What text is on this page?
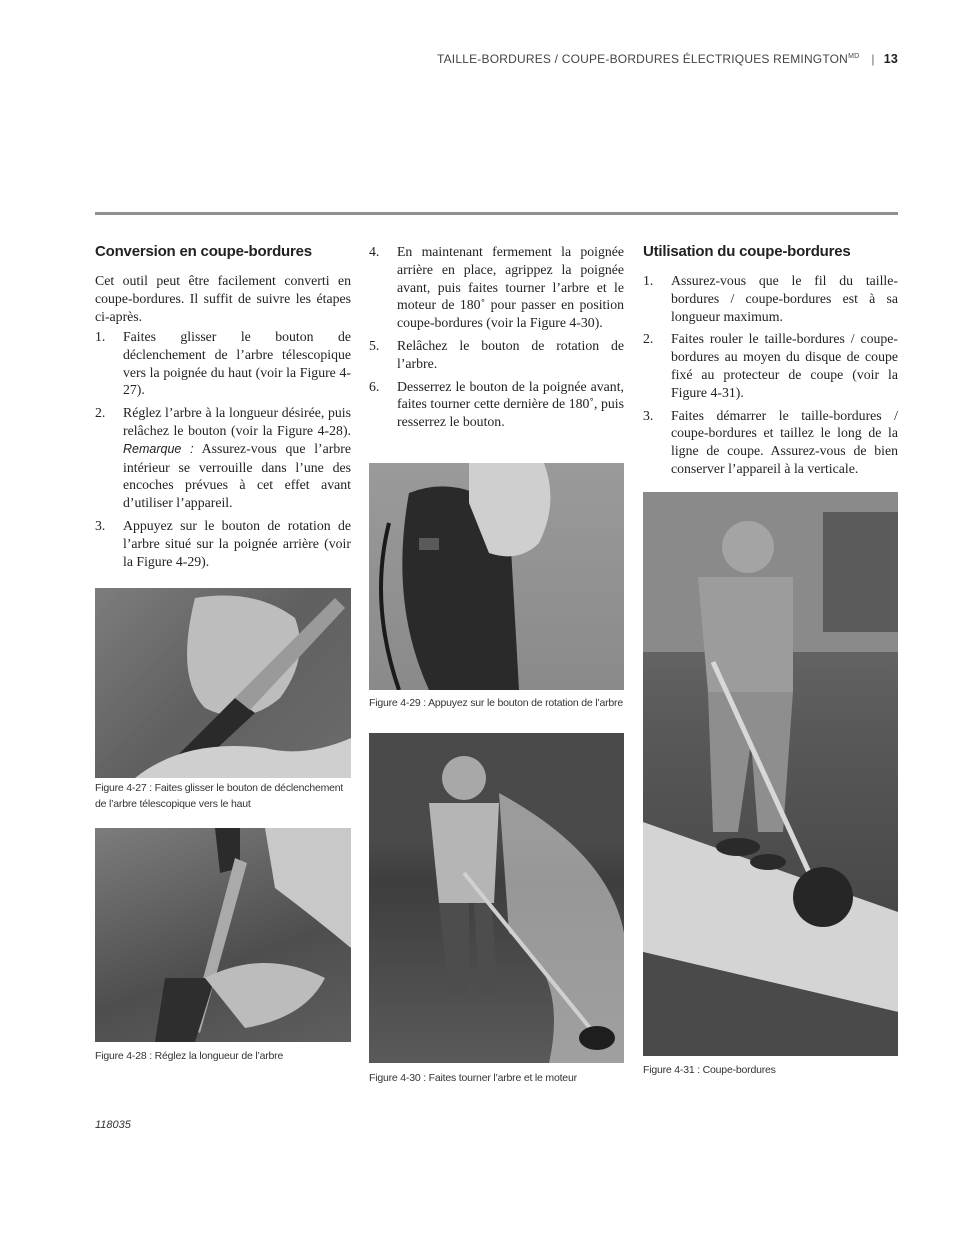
TAILLE-BORDURES / COUPE-BORDURES ÉLECTRIQUES $REMINGTON^{MD}$ | 13
Conversion en coupe-bordures

Cet outil peut être facilement converti en coupe-bordures. Il suffit de suivre les étapes ci-après.

1. Faites glisser le bouton de déclenchement de l’arbre télescopique vers la poignée du haut (voir la Figure 4-27).
2. Réglez l’arbre à la longueur désirée, puis relâchez le bouton (voir la Figure 4-28). Remarque : Assurez-vous que l’arbre intérieur se verrouille dans l’une des encoches prévues à cet effet avant d’utiliser l’appareil.
3. Appuyez sur le bouton de rotation de l’arbre situé sur la poignée arrière (voir la Figure 4-29).
4. En maintenant fermement la poignée arrière en place, agrippez la poignée avant, puis faites tourner l’arbre et le moteur de 180˚ pour passer en position coupe-bordures (voir la Figure 4-30).
5. Relâchez le bouton de rotation de l’arbre.
6. Desserrez le bouton de la poignée avant, faites tourner cette dernière de 180˚, puis resserrez le bouton.
Utilisation du coupe-bordures
1. Assurez-vous que le fil du taille-bordures / coupe-bordures est à sa longueur maximum.
2. Faites rouler le taille-bordures / coupe-bordures au moyen du disque de coupe fixé au protecteur de coupe (voir la Figure 4-31).
3. Faites démarrer le taille-bordures / coupe-bordures et taillez le long de la ligne de coupe. Assurez-vous de bien conserver l’appareil à la verticale.
Figure 4-27 : Faites glisser le bouton de déclenchement de l’arbre télescopique vers le haut
Figure 4-28 : Réglez la longueur de l’arbre
Figure 4-29 : Appuyez sur le bouton de rotation de l’arbre
Figure 4-30 : Faites tourner l’arbre et le moteur
Figure 4-31 : Coupe-bordures
118035
